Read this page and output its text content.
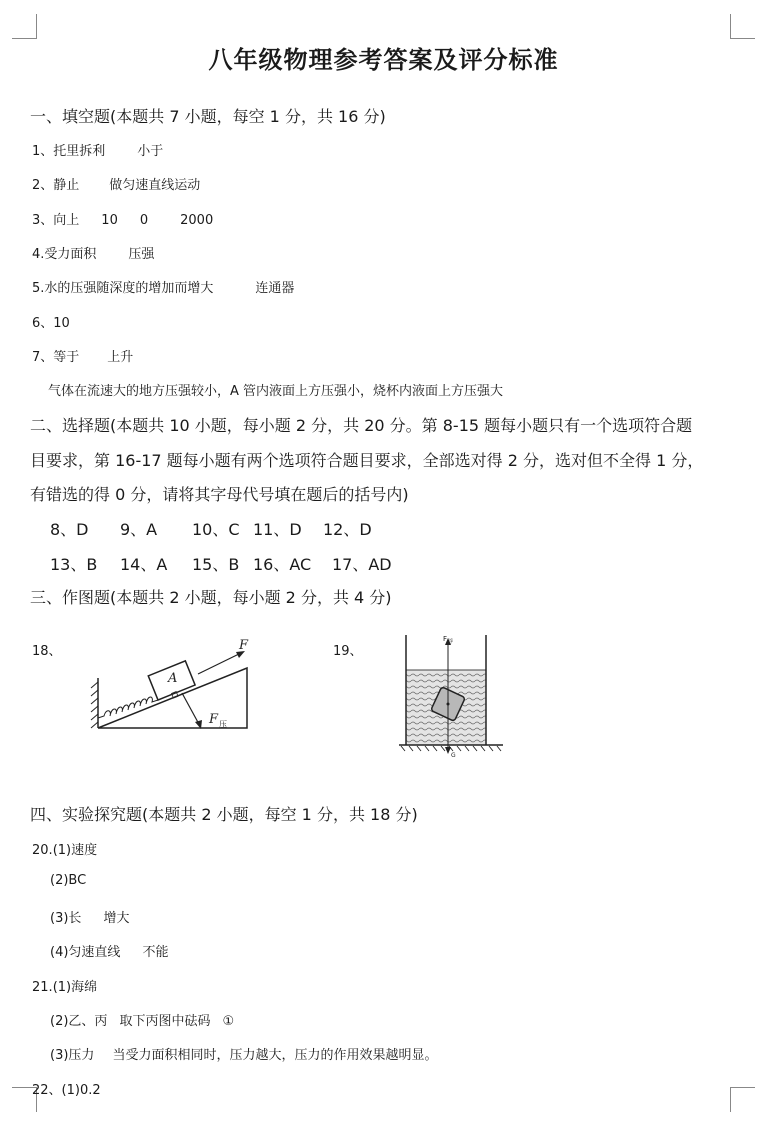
八年级物理参考答案及评分标准
一、填空题(本题共 7 小题，每空 1 分，共 16 分)
1、托里拆利 小于
2、静止 做匀速直线运动
3、向上 10 0 2000
4.受力面积 压强
5.水的压强随深度的增加而增大	连通器
6、10
7、等于 上升
气体在流速大的地方压强较小，A 管内液面上方压强小，烧杯内液面上方压强大
二、选择题(本题共 10 小题，每小题 2 分，共 20 分。第 8-15 题每小题只有一个选项符合题
目要求，第 16-17 题每小题有两个选项符合题目要求，全部选对得 2 分，选对但不全得 1 分，
有错选的得 0 分，请将其字母代号填在题后的括号内)
8、D 9、A 10、C 11、D 12、D
13、B 14、A 15、B 16、AC 17、AD
三、作图题(本题共 2 小题，每小题 2 分，共 4 分)
18、	19、
A
F
F 压
F 浮
G
四、实验探究题(本题共 2 小题，每空 1 分，共 18 分)
20.(1)速度
(2)BC
(3)长 增大
(4)匀速直线 不能
21.(1)海绵
(2)乙、丙 取下丙图中砝码 ①
(3)压力 当受力面积相同时，压力越大，压力的作用效果越明显。
22、(1)0.2
